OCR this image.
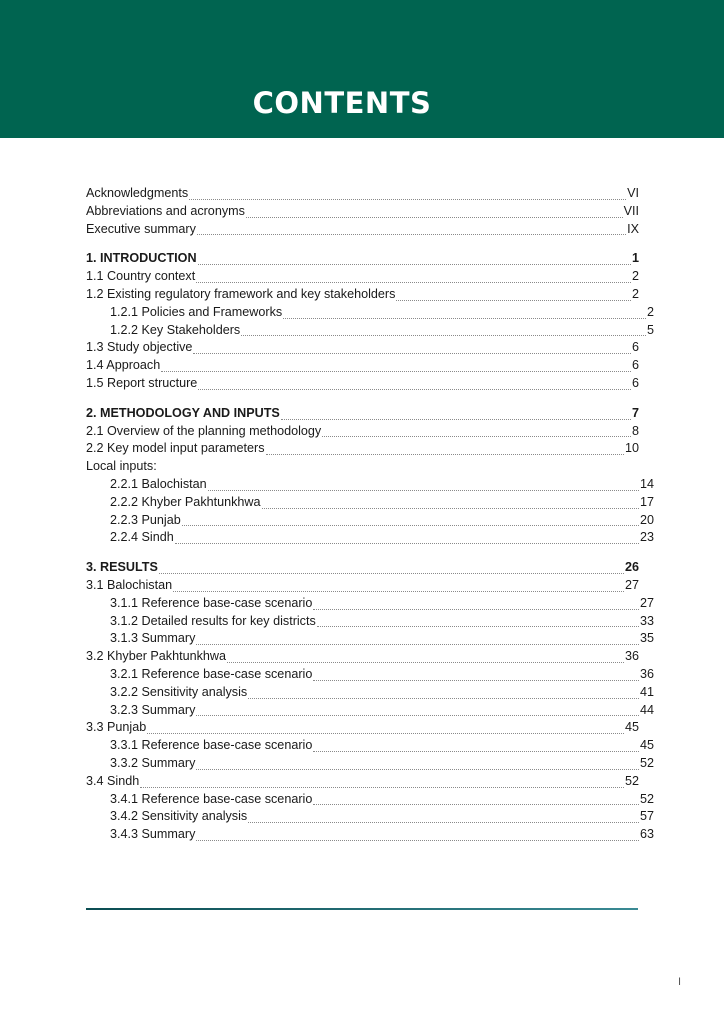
CONTENTS
Acknowledgments	VI
Abbreviations and acronyms	VII
Executive summary	IX
1. INTRODUCTION	1
1.1 Country context	2
1.2 Existing regulatory framework and key stakeholders	2
1.2.1 Policies and Frameworks	2
1.2.2 Key Stakeholders	5
1.3 Study objective	6
1.4 Approach	6
1.5 Report structure	6
2. METHODOLOGY AND INPUTS	7
2.1 Overview of the planning methodology	8
2.2 Key model input parameters	10
Local inputs:
2.2.1 Balochistan	14
2.2.2 Khyber Pakhtunkhwa	17
2.2.3 Punjab	20
2.2.4 Sindh	23
3. RESULTS	26
3.1 Balochistan	27
3.1.1 Reference base-case scenario	27
3.1.2 Detailed results for key districts	33
3.1.3 Summary	35
3.2 Khyber Pakhtunkhwa	36
3.2.1 Reference base-case scenario	36
3.2.2 Sensitivity analysis	41
3.2.3 Summary	44
3.3 Punjab	45
3.3.1 Reference base-case scenario	45
3.3.2 Summary	52
3.4 Sindh	52
3.4.1 Reference base-case scenario	52
3.4.2 Sensitivity analysis	57
3.4.3 Summary	63
I
